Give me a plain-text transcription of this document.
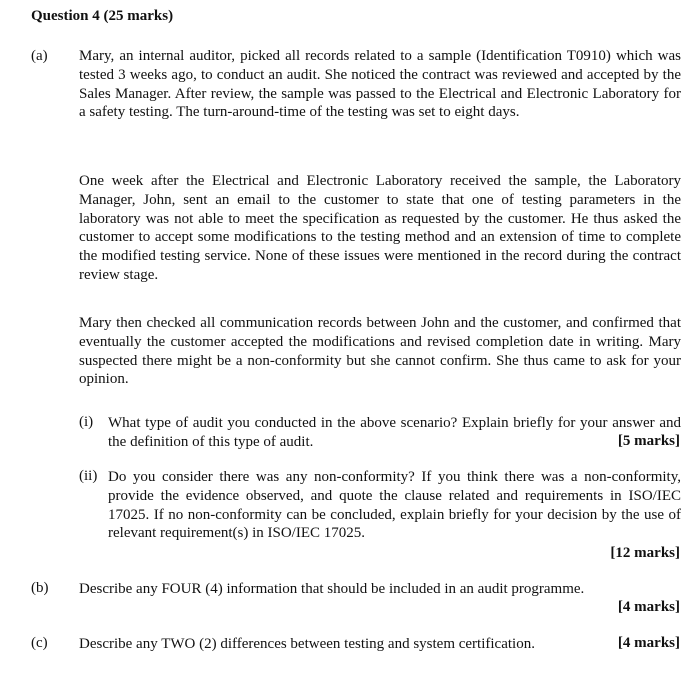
Question 4 (25 marks)
(a) Mary, an internal auditor, picked all records related to a sample (Identification T0910) which was tested 3 weeks ago, to conduct an audit. She noticed the contract was reviewed and accepted by the Sales Manager. After review, the sample was passed to the Electrical and Electronic Laboratory for a safety testing. The turn-around-time of the testing was set to eight days.
One week after the Electrical and Electronic Laboratory received the sample, the Laboratory Manager, John, sent an email to the customer to state that one of testing parameters in the laboratory was not able to meet the specification as requested by the customer. He thus asked the customer to accept some modifications to the testing method and an extension of time to complete the modified testing service. None of these issues were mentioned in the record during the contract review stage.
Mary then checked all communication records between John and the customer, and confirmed that eventually the customer accepted the modifications and revised completion date in writing. Mary suspected there might be a non-conformity but she cannot confirm. She thus came to ask for your opinion.
(i) What type of audit you conducted in the above scenario? Explain briefly for your answer and the definition of this type of audit.	[5 marks]
(ii) Do you consider there was any non-conformity? If you think there was a non-conformity, provide the evidence observed, and quote the clause related and requirements in ISO/IEC 17025. If no non-conformity can be concluded, explain briefly for your decision by the use of relevant requirement(s) in ISO/IEC 17025.
[12 marks]
(b) Describe any FOUR (4) information that should be included in an audit programme.
[4 marks]
(c) Describe any TWO (2) differences between testing and system certification.	[4 marks]
